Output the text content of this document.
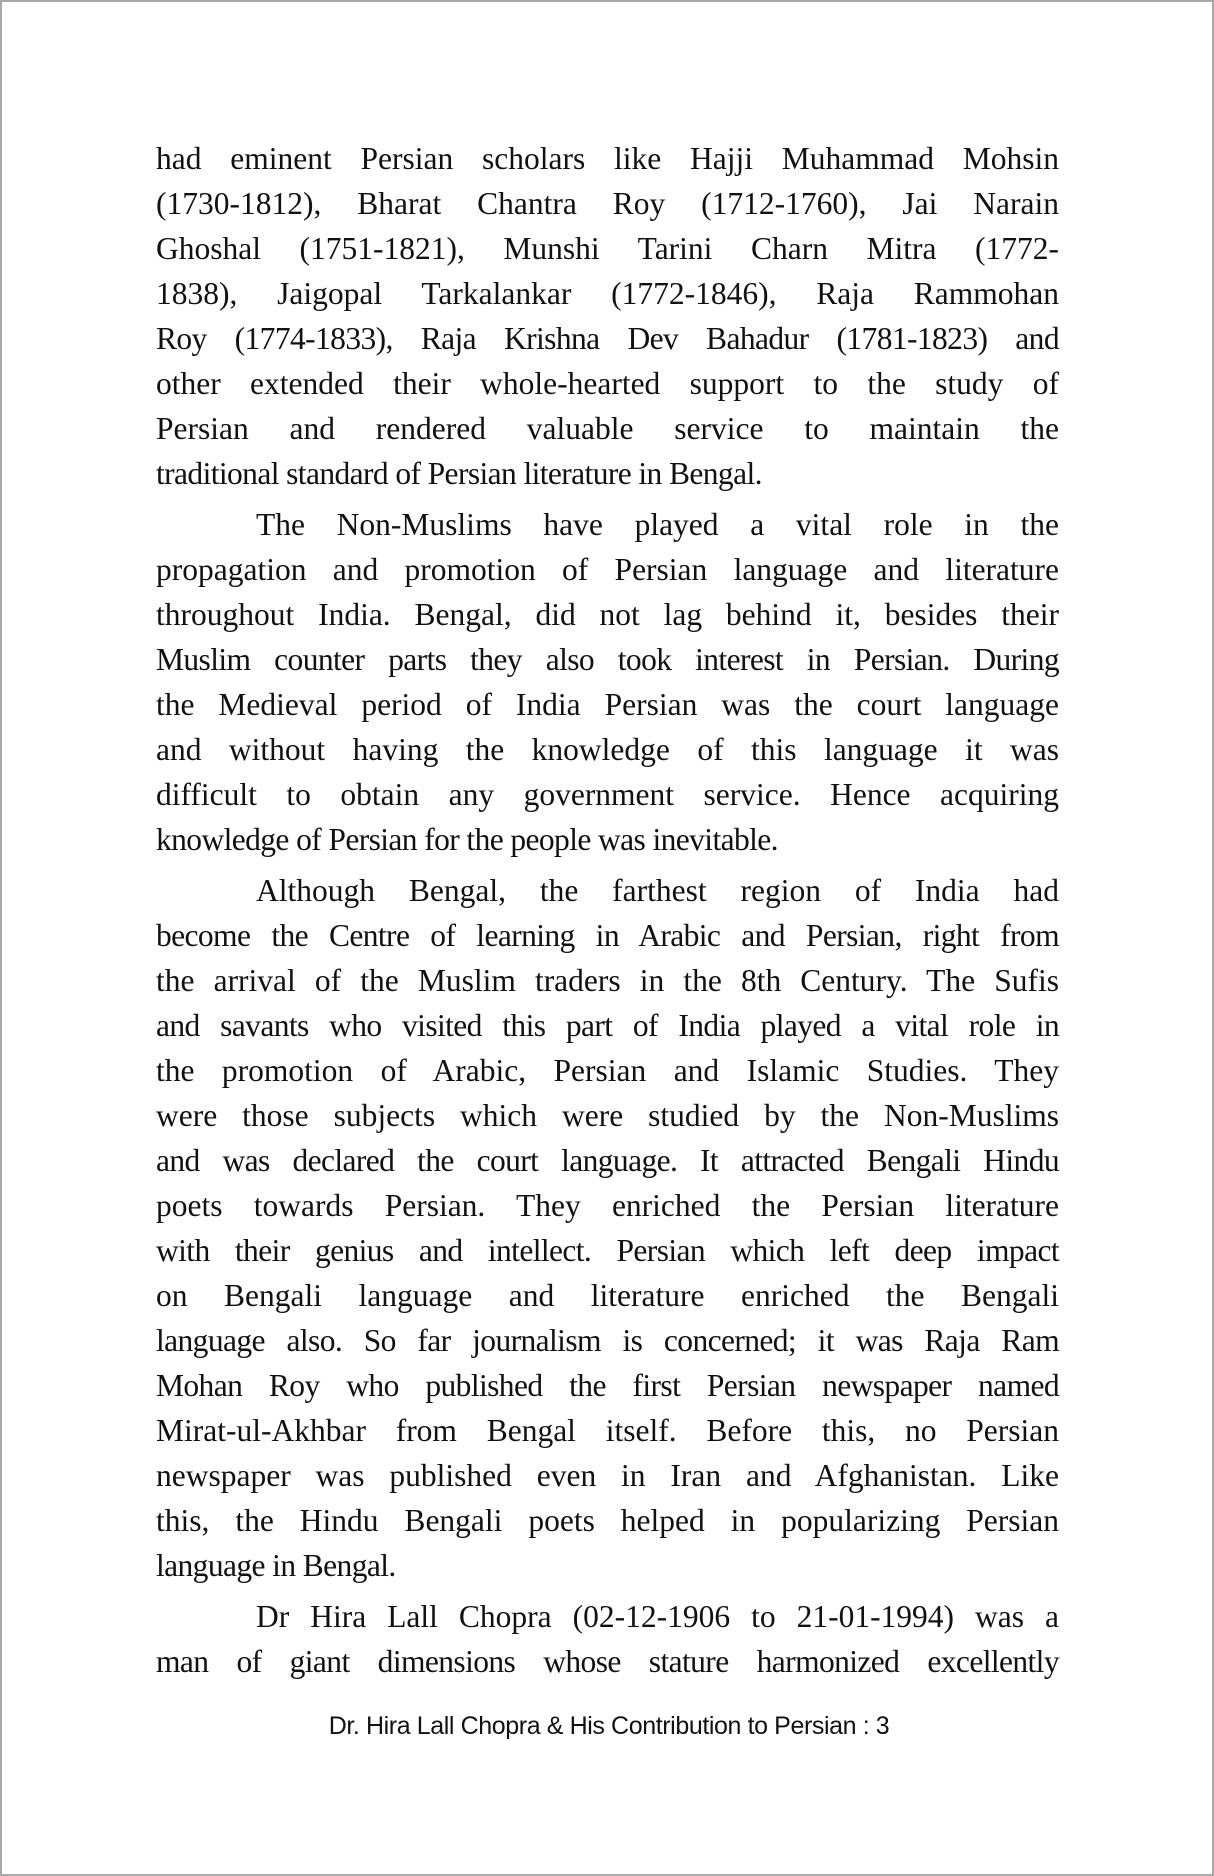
had eminent Persian scholars like Hajji Muhammad Mohsin
(1730-1812), Bharat Chantra Roy (1712-1760), Jai Narain
Ghoshal (1751-1821), Munshi Tarini Charn Mitra (1772-
1838), Jaigopal Tarkalankar (1772-1846), Raja Rammohan
Roy (1774-1833), Raja Krishna Dev Bahadur (1781-1823) and
other extended their whole-hearted support to the study of
Persian and rendered valuable service to maintain the
traditional standard of Persian literature in Bengal.
The Non-Muslims have played a vital role in the
propagation and promotion of Persian language and literature
throughout India. Bengal, did not lag behind it, besides their
Muslim counter parts they also took interest in Persian. During
the Medieval period of India Persian was the court language
and without having the knowledge of this language it was
difficult to obtain any government service. Hence acquiring
knowledge of Persian for the people was inevitable.
Although Bengal, the farthest region of India had
become the Centre of learning in Arabic and Persian, right from
the arrival of the Muslim traders in the 8th Century. The Sufis
and savants who visited this part of India played a vital role in
the promotion of Arabic, Persian and Islamic Studies. They
were those subjects which were studied by the Non-Muslims
and was declared the court language. It attracted Bengali Hindu
poets towards Persian. They enriched the Persian literature
with their genius and intellect. Persian which left deep impact
on Bengali language and literature enriched the Bengali
language also. So far journalism is concerned; it was Raja Ram
Mohan Roy who published the first Persian newspaper named
Mirat-ul-Akhbar from Bengal itself. Before this, no Persian
newspaper was published even in Iran and Afghanistan. Like
this, the Hindu Bengali poets helped in popularizing Persian
language in Bengal.
Dr Hira Lall Chopra (02-12-1906 to 21-01-1994) was a
man of giant dimensions whose stature harmonized excellently
Dr. Hira Lall Chopra & His Contribution to Persian : 3
